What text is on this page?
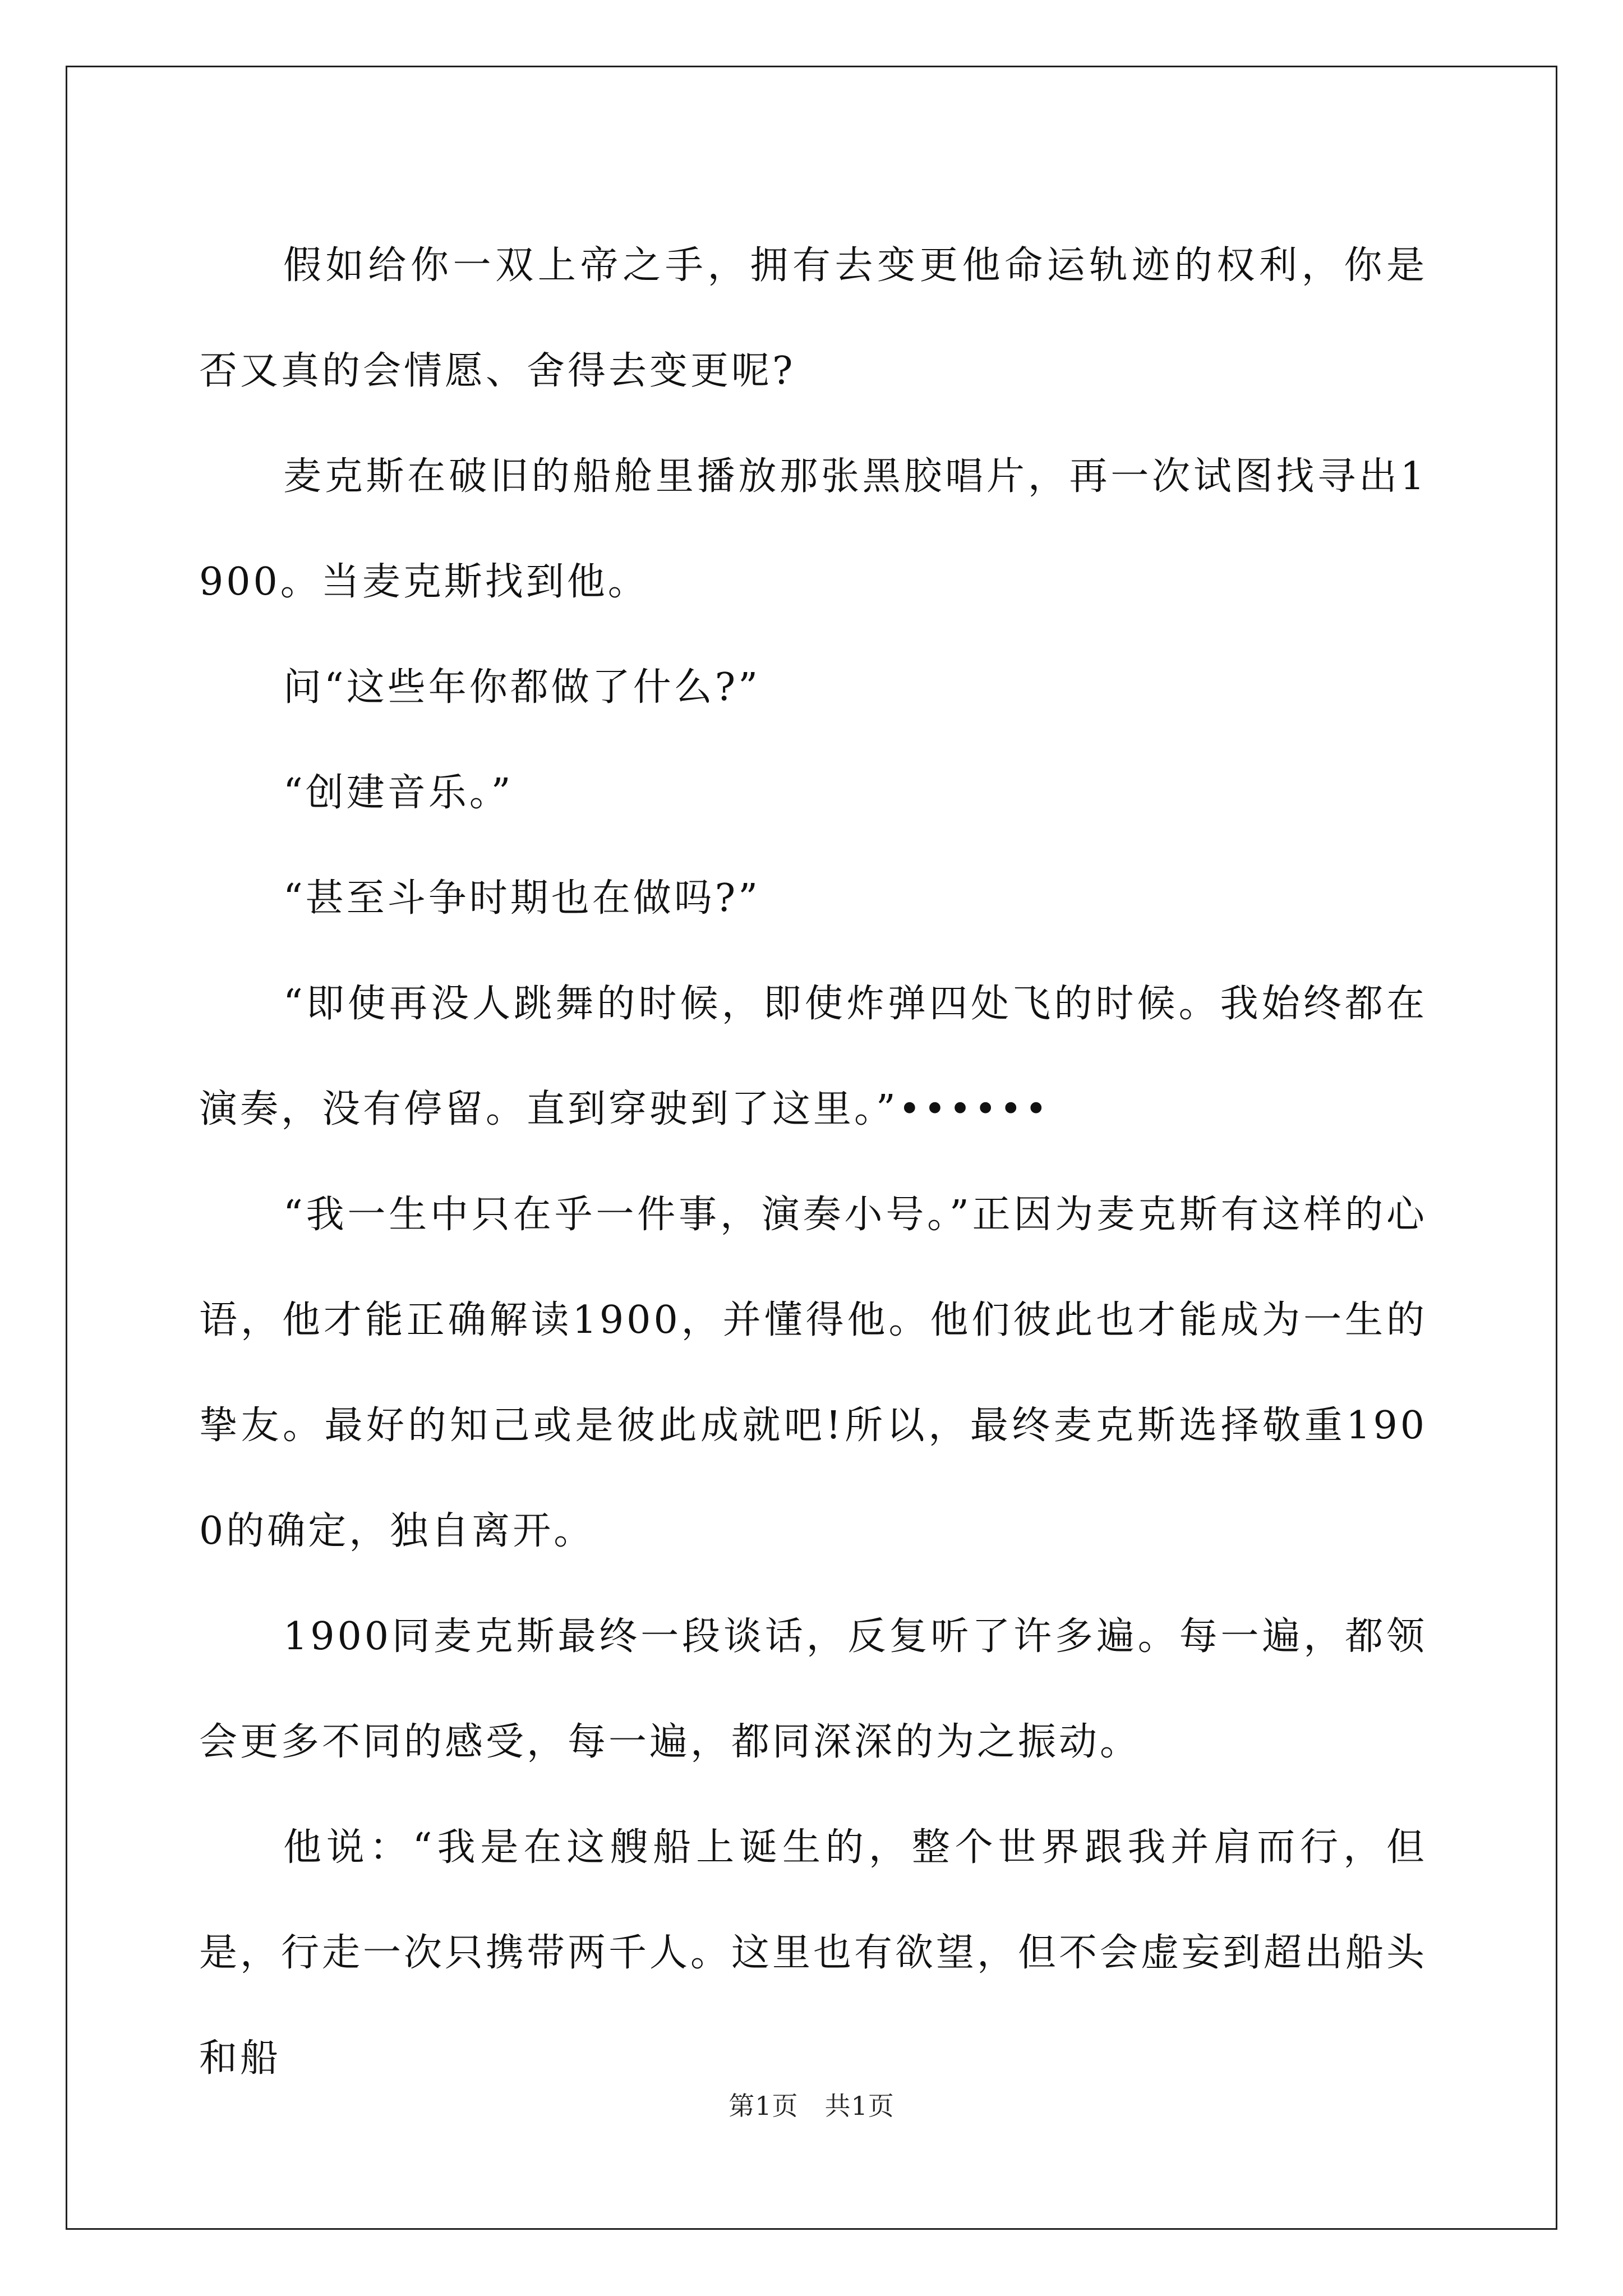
假如给你一双上帝之手，拥有去变更他命运轨迹的权利，你是否又真的会情愿、舍得去变更呢?

麦克斯在破旧的船舱里播放那张黑胶唱片，再一次试图找寻出1900。当麦克斯找到他。

问“这些年你都做了什么?”

“创建音乐。”

“甚至斗争时期也在做吗?”

“即使再没人跳舞的时候，即使炸弹四处飞的时候。我始终都在演奏，没有停留。直到穿驶到了这里。”••••••

“我一生中只在乎一件事，演奏小号。”正因为麦克斯有这样的心语，他才能正确解读1900，并懂得他。他们彼此也才能成为一生的挚友。最好的知己或是彼此成就吧!所以，最终麦克斯选择敬重1900的确定，独自离开。

1900同麦克斯最终一段谈话，反复听了许多遍。每一遍，都领会更多不同的感受，每一遍，都同深深的为之振动。

他说：“我是在这艘船上诞生的，整个世界跟我并肩而行，但是，行走一次只携带两千人。这里也有欲望，但不会虚妄到超出船头和船

第1页　共1页
